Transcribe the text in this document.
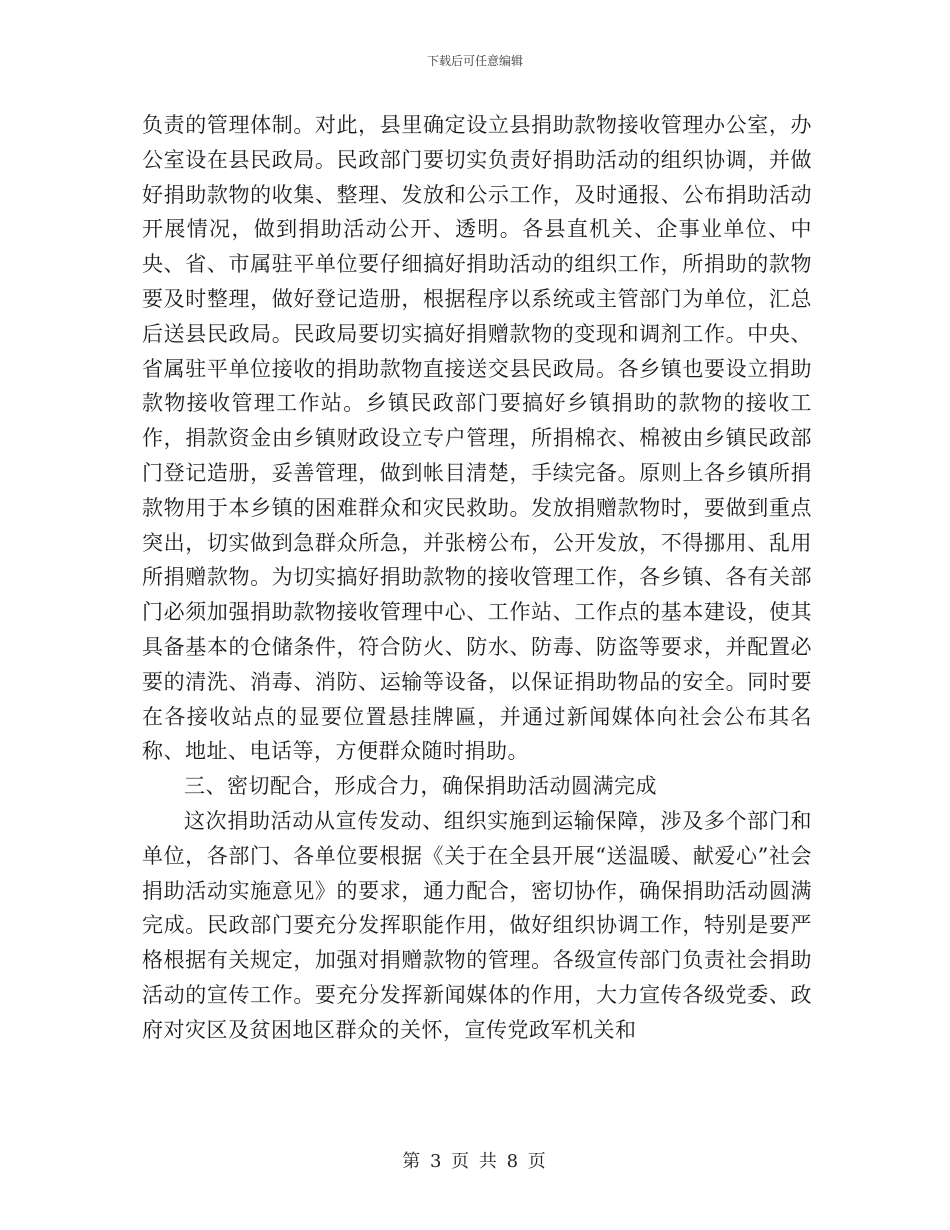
下载后可任意编辑

负责的管理体制。对此，县里确定设立县捐助款物接收管理办公室，办公室设在县民政局。民政部门要切实负责好捐助活动的组织协调，并做好捐助款物的收集、整理、发放和公示工作，及时通报、公布捐助活动开展情况，做到捐助活动公开、透明。各县直机关、企事业单位、中央、省、市属驻平单位要仔细搞好捐助活动的组织工作，所捐助的款物要及时整理，做好登记造册，根据程序以系统或主管部门为单位，汇总后送县民政局。民政局要切实搞好捐赠款物的变现和调剂工作。中央、省属驻平单位接收的捐助款物直接送交县民政局。各乡镇也要设立捐助款物接收管理工作站。乡镇民政部门要搞好乡镇捐助的款物的接收工作，捐款资金由乡镇财政设立专户管理，所捐棉衣、棉被由乡镇民政部门登记造册，妥善管理，做到帐目清楚，手续完备。原则上各乡镇所捐款物用于本乡镇的困难群众和灾民救助。发放捐赠款物时，要做到重点突出，切实做到急群众所急，并张榜公布，公开发放，不得挪用、乱用所捐赠款物。为切实搞好捐助款物的接收管理工作，各乡镇、各有关部门必须加强捐助款物接收管理中心、工作站、工作点的基本建设，使其具备基本的仓储条件，符合防火、防水、防毒、防盗等要求，并配置必要的清洗、消毒、消防、运输等设备，以保证捐助物品的安全。同时要在各接收站点的显要位置悬挂牌匾，并通过新闻媒体向社会公布其名称、地址、电话等，方便群众随时捐助。

三、密切配合，形成合力，确保捐助活动圆满完成

这次捐助活动从宣传发动、组织实施到运输保障，涉及多个部门和单位，各部门、各单位要根据《关于在全县开展“送温暖、献爱心”社会捐助活动实施意见》的要求，通力配合，密切协作，确保捐助活动圆满完成。民政部门要充分发挥职能作用，做好组织协调工作，特别是要严格根据有关规定，加强对捐赠款物的管理。各级宣传部门负责社会捐助活动的宣传工作。要充分发挥新闻媒体的作用，大力宣传各级党委、政府对灾区及贫困地区群众的关怀，宣传党政军机关和

第 3 页 共 8 页
